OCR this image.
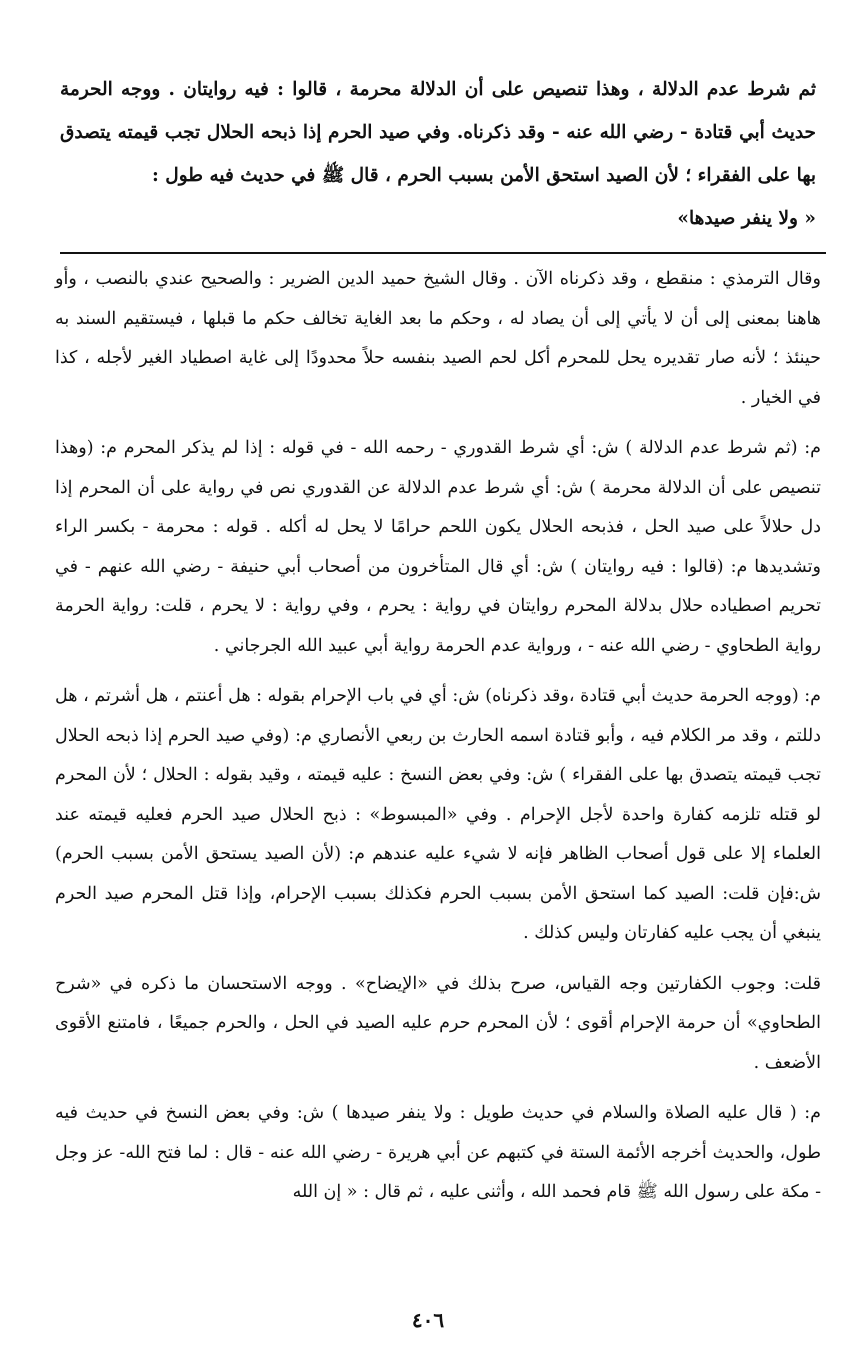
ثم شرط عدم الدلالة ، وهذا تنصيص على أن الدلالة محرمة ، قالوا : فيه روايتان . ووجه الحرمة حديث أبي قتادة - رضي الله عنه - وقد ذكرناه. وفي صيد الحرم إذا ذبحه الحلال تجب قيمته يتصدق بها على الفقراء ؛ لأن الصيد استحق الأمن بسبب الحرم ، قال ﷺ في حديث فيه طول :
« ولا ينفر صيدها»

وقال الترمذي : منقطع ، وقد ذكرناه الآن . وقال الشيخ حميد الدين الضرير : والصحيح عندي بالنصب ، وأو هاهنا بمعنى إلى أن لا يأتي إلى أن يصاد له ، وحكم ما بعد الغاية تخالف حكم ما قبلها ، فيستقيم السند به حينئذ ؛ لأنه صار تقديره يحل للمحرم أكل لحم الصيد بنفسه حلاً محدودًا إلى غاية اصطياد الغير لأجله ، كذا في الخيار .

م: (ثم شرط عدم الدلالة ) ش: أي شرط القدوري - رحمه الله - في قوله : إذا لم يذكر المحرم م: (وهذا تنصيص على أن الدلالة محرمة ) ش: أي شرط عدم الدلالة عن القدوري نص في رواية على أن المحرم إذا دل حلالاً على صيد الحل ، فذبحه الحلال يكون اللحم حرامًا لا يحل له أكله . قوله : محرمة - بكسر الراء وتشديدها م: (قالوا : فيه روايتان ) ش: أي قال المتأخرون من أصحاب أبي حنيفة - رضي الله عنهم - في تحريم اصطياده حلال بدلالة المحرم روايتان في رواية : يحرم ، وفي رواية : لا يحرم ، قلت: رواية الحرمة رواية الطحاوي - رضي الله عنه - ، ورواية عدم الحرمة رواية أبي عبيد الله الجرجاني .

م: (ووجه الحرمة حديث أبي قتادة ،وقد ذكرناه) ش: أي في باب الإحرام بقوله : هل أعنتم ، هل أشرتم ، هل دللتم ، وقد مر الكلام فيه ، وأبو قتادة اسمه الحارث بن ربعي الأنصاري م: (وفي صيد الحرم إذا ذبحه الحلال تجب قيمته يتصدق بها على الفقراء ) ش: وفي بعض النسخ : عليه قيمته ، وقيد بقوله : الحلال ؛ لأن المحرم لو قتله تلزمه كفارة واحدة لأجل الإحرام . وفي «المبسوط» : ذبح الحلال صيد الحرم فعليه قيمته عند العلماء إلا على قول أصحاب الظاهر فإنه لا شيء عليه عندهم م: (لأن الصيد يستحق الأمن بسبب الحرم) ش:فإن قلت: الصيد كما استحق الأمن بسبب الحرم فكذلك بسبب الإحرام، وإذا قتل المحرم صيد الحرم ينبغي أن يجب عليه كفارتان وليس كذلك .

قلت: وجوب الكفارتين وجه القياس، صرح بذلك في «الإيضاح» . ووجه الاستحسان ما ذكره في «شرح الطحاوي» أن حرمة الإحرام أقوى ؛ لأن المحرم حرم عليه الصيد في الحل ، والحرم جميعًا ، فامتنع الأقوى الأضعف .

م: ( قال عليه الصلاة والسلام في حديث طويل : ولا ينفر صيدها ) ش: وفي بعض النسخ في حديث فيه طول، والحديث أخرجه الأئمة الستة في كتبهم عن أبي هريرة - رضي الله عنه - قال : لما فتح الله- عز وجل - مكة على رسول الله ﷺ قام فحمد الله ، وأثنى عليه ، ثم قال : « إن الله

٤٠٦
